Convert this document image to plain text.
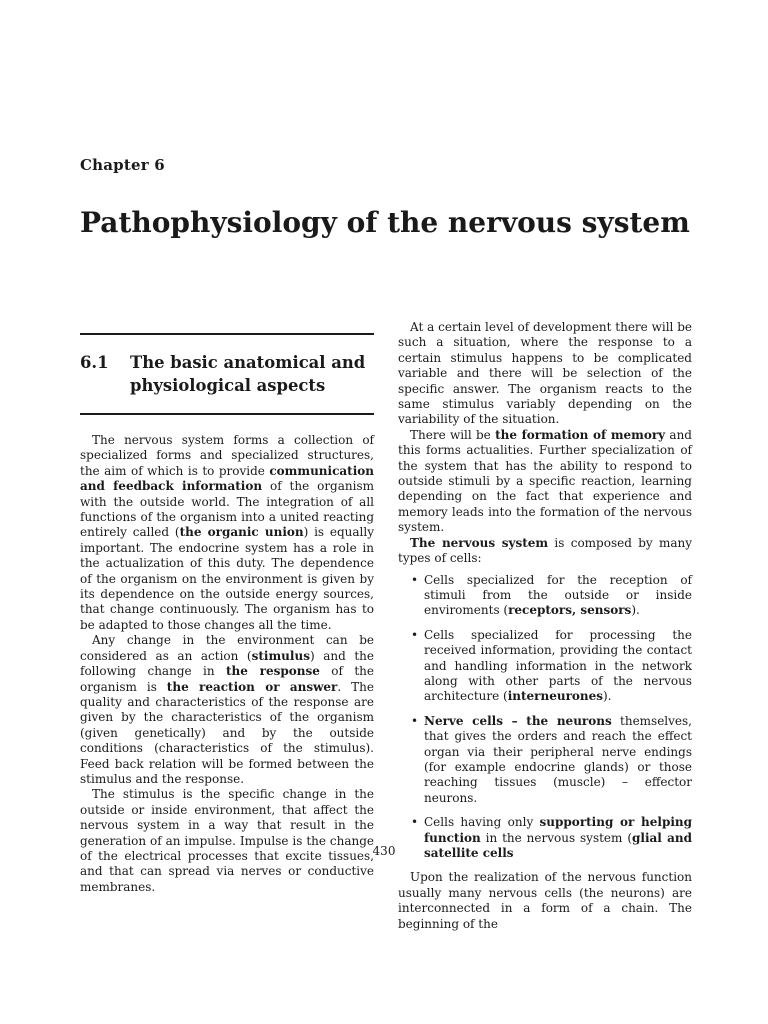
Chapter 6
Pathophysiology of the nervous system
6.1	The basic anatomical and physiological aspects

The nervous system forms a collection of specialized forms and specialized structures, the aim of which is to provide communication and feedback information of the organism with the outside world. The integration of all functions of the organism into a united reacting entirely called (the organic union) is equally important. The endocrine system has a role in the actualization of this duty. The dependence of the organism on the environment is given by its dependence on the outside energy sources, that change continuously. The organism has to be adapted to those changes all the time.

Any change in the environment can be considered as an action (stimulus) and the following change in the response of the organism is the reaction or answer. The quality and characteristics of the response are given by the characteristics of the organism (given genetically) and by the outside conditions (characteristics of the stimulus). Feed back relation will be formed between the stimulus and the response.

The stimulus is the specific change in the outside or inside environment, that affect the nervous system in a way that result in the generation of an impulse. Impulse is the change of the electrical processes that excite tissues, and that can spread via nerves or conductive membranes.

At a certain level of development there will be such a situation, where the response to a certain stimulus happens to be complicated variable and there will be selection of the specific answer. The organism reacts to the same stimulus variably depending on the variability of the situation.

There will be the formation of memory and this forms actualities. Further specialization of the system that has the ability to respond to outside stimuli by a specific reaction, learning depending on the fact that experience and memory leads into the formation of the nervous system.

The nervous system is composed by many types of cells:

• Cells specialized for the reception of stimuli from the outside or inside enviroments (receptors, sensors).
• Cells specialized for processing the received information, providing the contact and handling information in the network along with other parts of the nervous architecture (interneurones).
• Nerve cells – the neurons themselves, that gives the orders and reach the effect organ via their peripheral nerve endings (for example endocrine glands) or those reaching tissues (muscle) – effector neurons.
• Cells having only supporting or helping function in the nervous system (glial and satellite cells

Upon the realization of the nervous function usually many nervous cells (the neurons) are interconnected in a form of a chain. The beginning of the

430
